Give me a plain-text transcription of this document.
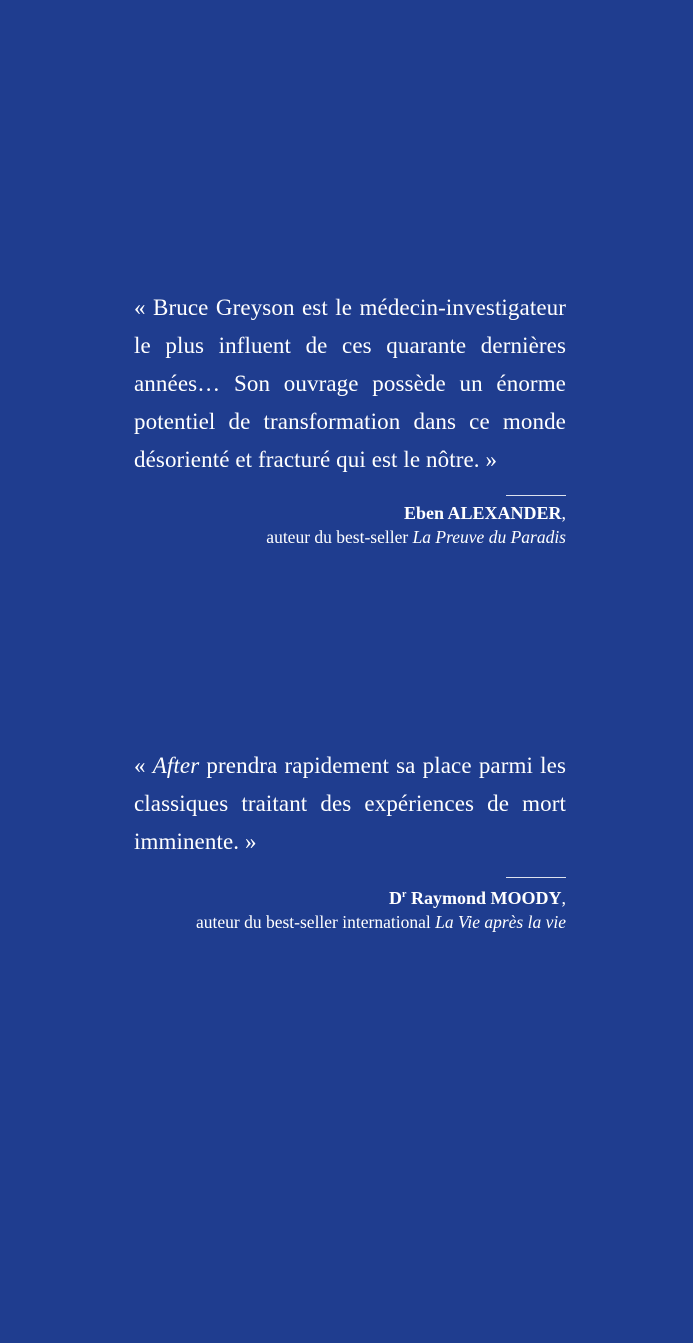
« Bruce Greyson est le médecin-investigateur le plus influent de ces quarante dernières années… Son ouvrage possède un énorme potentiel de transformation dans ce monde désorienté et fracturé qui est le nôtre. »

Eben ALEXANDER,
auteur du best-seller La Preuve du Paradis

« After prendra rapidement sa place parmi les classiques traitant des expériences de mort imminente. »

$D^r$ Raymond MOODY,
auteur du best-seller international La Vie après la vie
